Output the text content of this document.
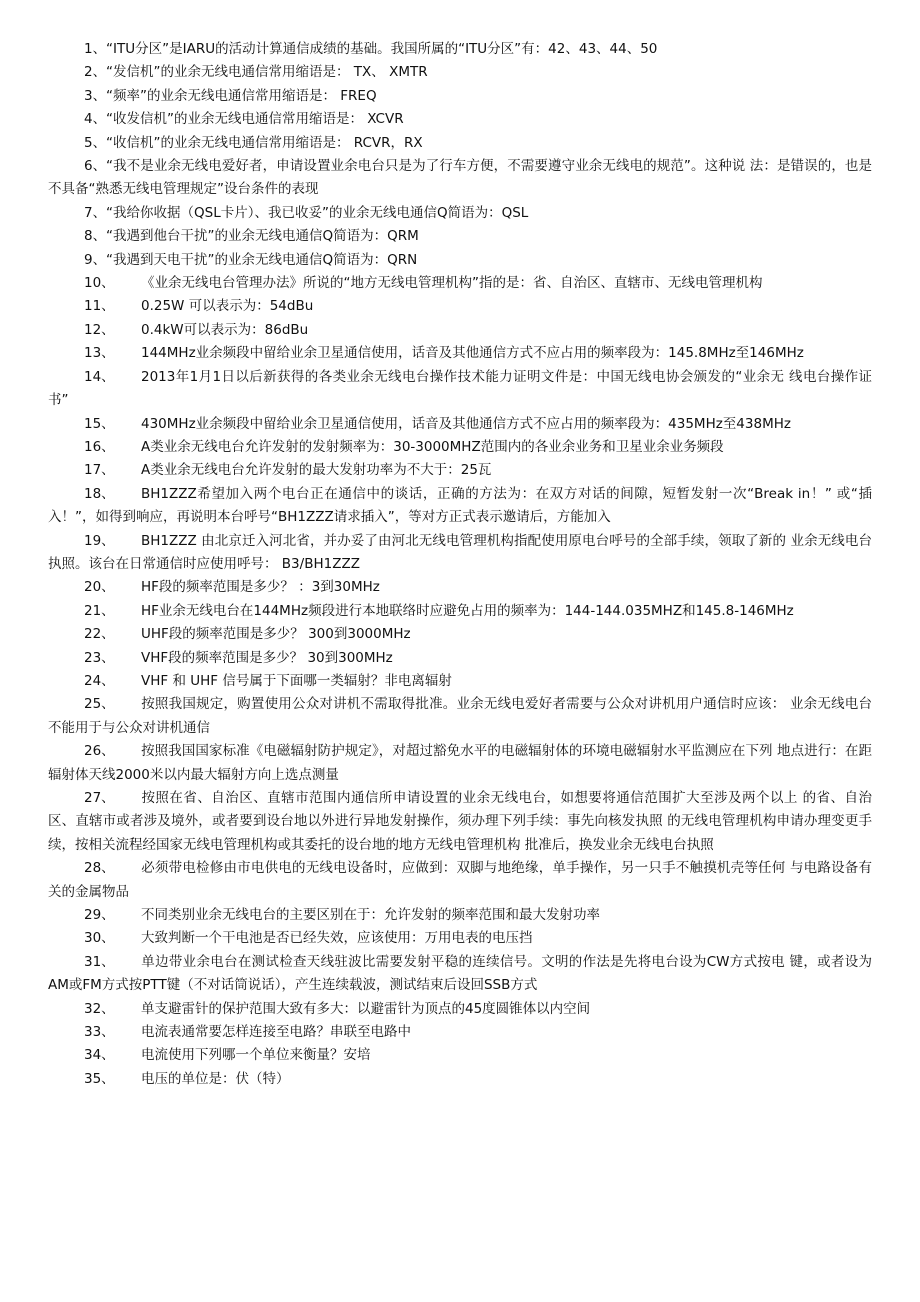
1、“ITU分区”是IARU的活动计算通信成绩的基础。我国所属的“ITU分区”有：42、43、44、50

2、“发信机”的业余无线电通信常用缩语是： TX、 XMTR

3、“频率”的业余无线电通信常用缩语是： FREQ

4、“收发信机”的业余无线电通信常用缩语是： XCVR

5、“收信机”的业余无线电通信常用缩语是： RCVR，RX

6、“我不是业余无线电爱好者，申请设置业余电台只是为了行车方便，不需要遵守业余无线电的规范”。这种说 法：是错误的，也是不具备“熟悉无线电管理规定”设台条件的表现

7、“我给你收据（QSL卡片）、我已收妥”的业余无线电通信Q简语为：QSL

8、“我遇到他台干扰”的业余无线电通信Q简语为：QRM

9、“我遇到天电干扰”的业余无线电通信Q简语为：QRN

10、 《业余无线电台管理办法》所说的“地方无线电管理机构”指的是：省、自治区、直辖市、无线电管理机构

11、 0.25W 可以表示为：54dBu

12、 0.4kW可以表示为：86dBu

13、 144MHz业余频段中留给业余卫星通信使用，话音及其他通信方式不应占用的频率段为：145.8MHz至146MHz

14、 2013年1月1日以后新获得的各类业余无线电台操作技术能力证明文件是：中国无线电协会颁发的“业余无 线电台操作证书”

15、 430MHz业余频段中留给业余卫星通信使用，话音及其他通信方式不应占用的频率段为：435MHz至438MHz

16、 A类业余无线电台允许发射的发射频率为：30-3000MHZ范围内的各业余业务和卫星业余业务频段

17、 A类业余无线电台允许发射的最大发射功率为不大于：25瓦

18、 BH1ZZZ希望加入两个电台正在通信中的谈话，正确的方法为：在双方对话的间隙，短暂发射一次“Break in！” 或“插入！”，如得到响应，再说明本台呼号“BH1ZZZ请求插入”，等对方正式表示邀请后，方能加入

19、 BH1ZZZ 由北京迁入河北省，并办妥了由河北无线电管理机构指配使用原电台呼号的全部手续，领取了新的 业余无线电台执照。该台在日常通信时应使用呼号： B3/BH1ZZZ

20、 HF段的频率范围是多少？ ：3到30MHz

21、 HF业余无线电台在144MHz频段进行本地联络时应避免占用的频率为：144-144.035MHZ和145.8-146MHz

22、 UHF段的频率范围是多少？ 300到3000MHz

23、 VHF段的频率范围是多少？ 30到300MHz

24、 VHF 和 UHF 信号属于下面哪一类辐射？非电离辐射

25、 按照我国规定，购置使用公众对讲机不需取得批准。业余无线电爱好者需要与公众对讲机用户通信时应该： 业余无线电台不能用于与公众对讲机通信

26、 按照我国国家标准《电磁辐射防护规定》，对超过豁免水平的电磁辐射体的环境电磁辐射水平监测应在下列 地点进行：在距辐射体天线2000米以内最大辐射方向上选点测量

27、 按照在省、自治区、直辖市范围内通信所申请设置的业余无线电台，如想要将通信范围扩大至涉及两个以上 的省、自治区、直辖市或者涉及境外，或者要到设台地以外进行异地发射操作，须办理下列手续：事先向核发执照 的无线电管理机构申请办理变更手续，按相关流程经国家无线电管理机构或其委托的设台地的地方无线电管理机构 批准后，换发业余无线电台执照

28、 必须带电检修由市电供电的无线电设备时，应做到：双脚与地绝缘，单手操作，另一只手不触摸机壳等任何 与电路设备有关的金属物品

29、 不同类别业余无线电台的主要区别在于：允许发射的频率范围和最大发射功率

30、 大致判断一个干电池是否已经失效，应该使用：万用电表的电压挡

31、 单边带业余电台在测试检查天线驻波比需要发射平稳的连续信号。文明的作法是先将电台设为CW方式按电 键，或者设为AM或FM方式按PTT键（不对话筒说话），产生连续载波，测试结束后设回SSB方式

32、 单支避雷针的保护范围大致有多大：以避雷针为顶点的45度圆锥体以内空间

33、 电流表通常要怎样连接至电路？串联至电路中

34、 电流使用下列哪一个单位来衡量？安培

35、 电压的单位是：伏（特）
